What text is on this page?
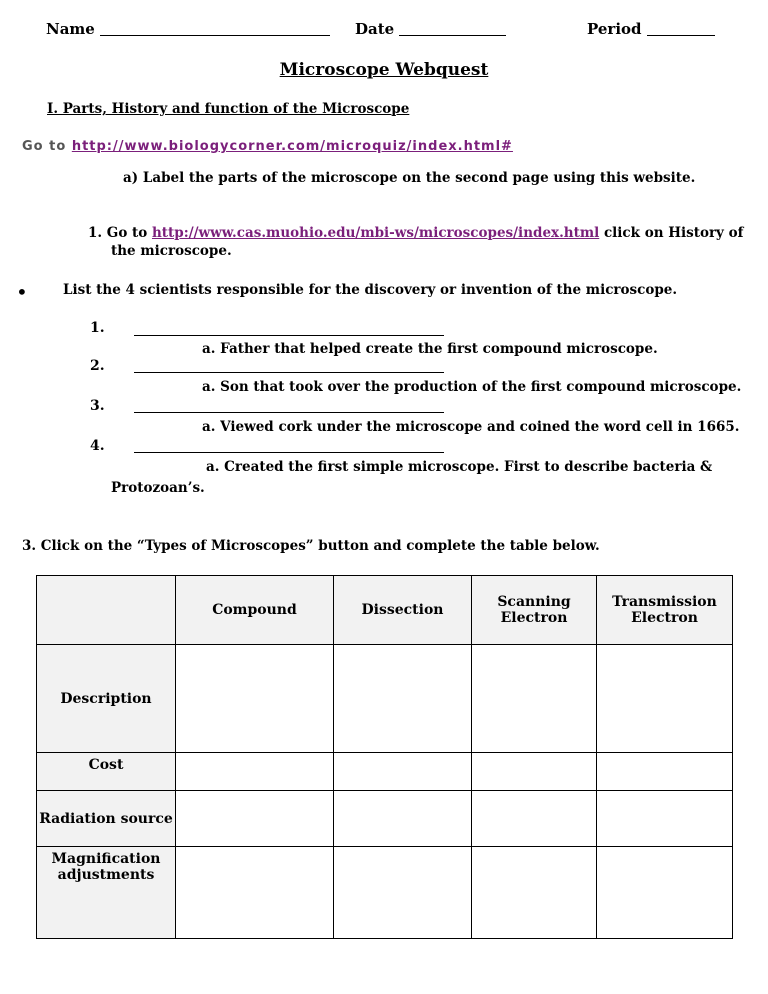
Name	Date	Period
Microscope Webquest
I. Parts, History and function of the Microscope
Go to http://www.biologycorner.com/microquiz/index.html#
a) Label the parts of the microscope on the second page using this website.
1. Go to http://www.cas.muohio.edu/mbi-ws/microscopes/index.html click on History of
the microscope.
•	List the 4 scientists responsible for the discovery or invention of the microscope.
1.
a. Father that helped create the first compound microscope.
2.
a. Son that took over the production of the first compound microscope.
3.
a. Viewed cork under the microscope and coined the word cell in 1665.
4.
a. Created the first simple microscope. First to describe bacteria &
Protozoan’s.
3. Click on the “Types of Microscopes” button and complete the table below.
	Compound	Dissection	Scanning Electron	Transmission Electron
Description				
Cost				
Radiation source				
Magnification adjustments				
